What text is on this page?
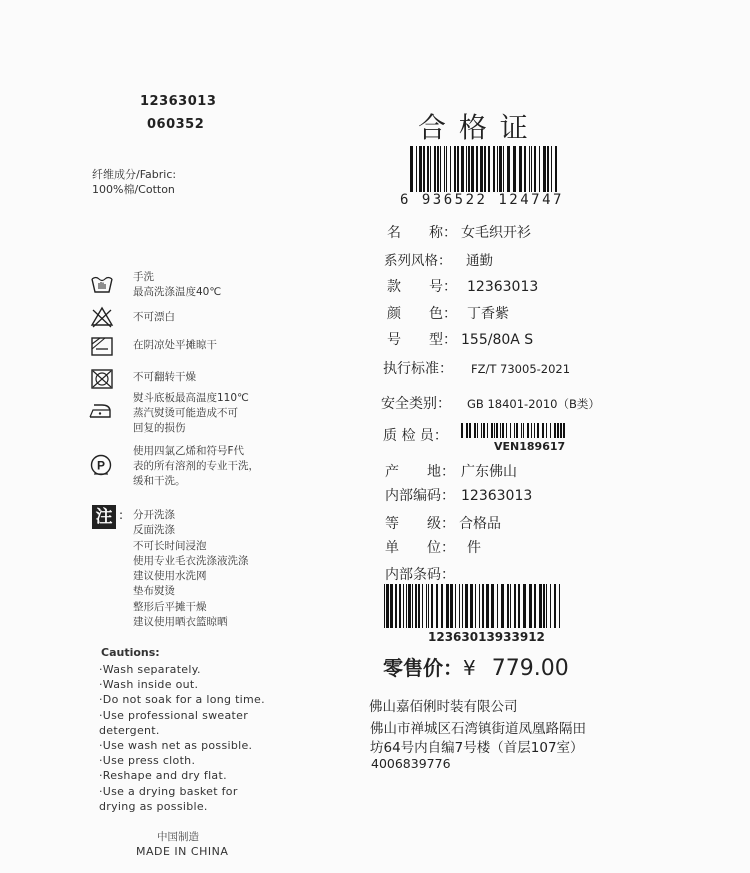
12363013
060352
纤维成分/Fabric:
100%棉/Cotton
手洗
最高洗涤温度40℃
不可漂白
在阴凉处平摊晾干
不可翻转干燥
熨斗底板最高温度110℃
蒸汽熨烫可能造成不可
回复的损伤
P
使用四氯乙烯和符号F代
表的所有溶剂的专业干洗，
缓和干洗。
注 : 分开洗涤
反面洗涤
不可长时间浸泡
使用专业毛衣洗涤液洗涤
建议使用水洗网
垫布熨烫
整形后平摊干燥
建议使用晒衣篮晾晒
Cautions:
·Wash separately.
·Wash inside out.
·Do not soak for a long time.
·Use professional sweater
detergent.
·Use wash net as possible.
·Use press cloth.
·Reshape and dry flat.
·Use a drying basket for
drying as possible.
中国制造
MADE IN CHINA
合 格 证
6 936522 124747
名　　称： 女毛织开衫
系列风格： 通勤
款　　号： 12363013
颜　　色： 丁香紫
号　　型： 155/80A S
执行标准： FZ/T 73005-2021
安全类别： GB 18401-2010（B类）
质 检 员：
VEN189617
产　　地： 广东佛山
内部编码： 12363013
等　　级： 合格品
单　　位： 件
内部条码：
12363013933912
零售价：¥ 779.00
佛山嘉佰俐时装有限公司
佛山市禅城区石湾镇街道凤凰路隔田
坊64号内自编7号楼（首层107室）
4006839776
